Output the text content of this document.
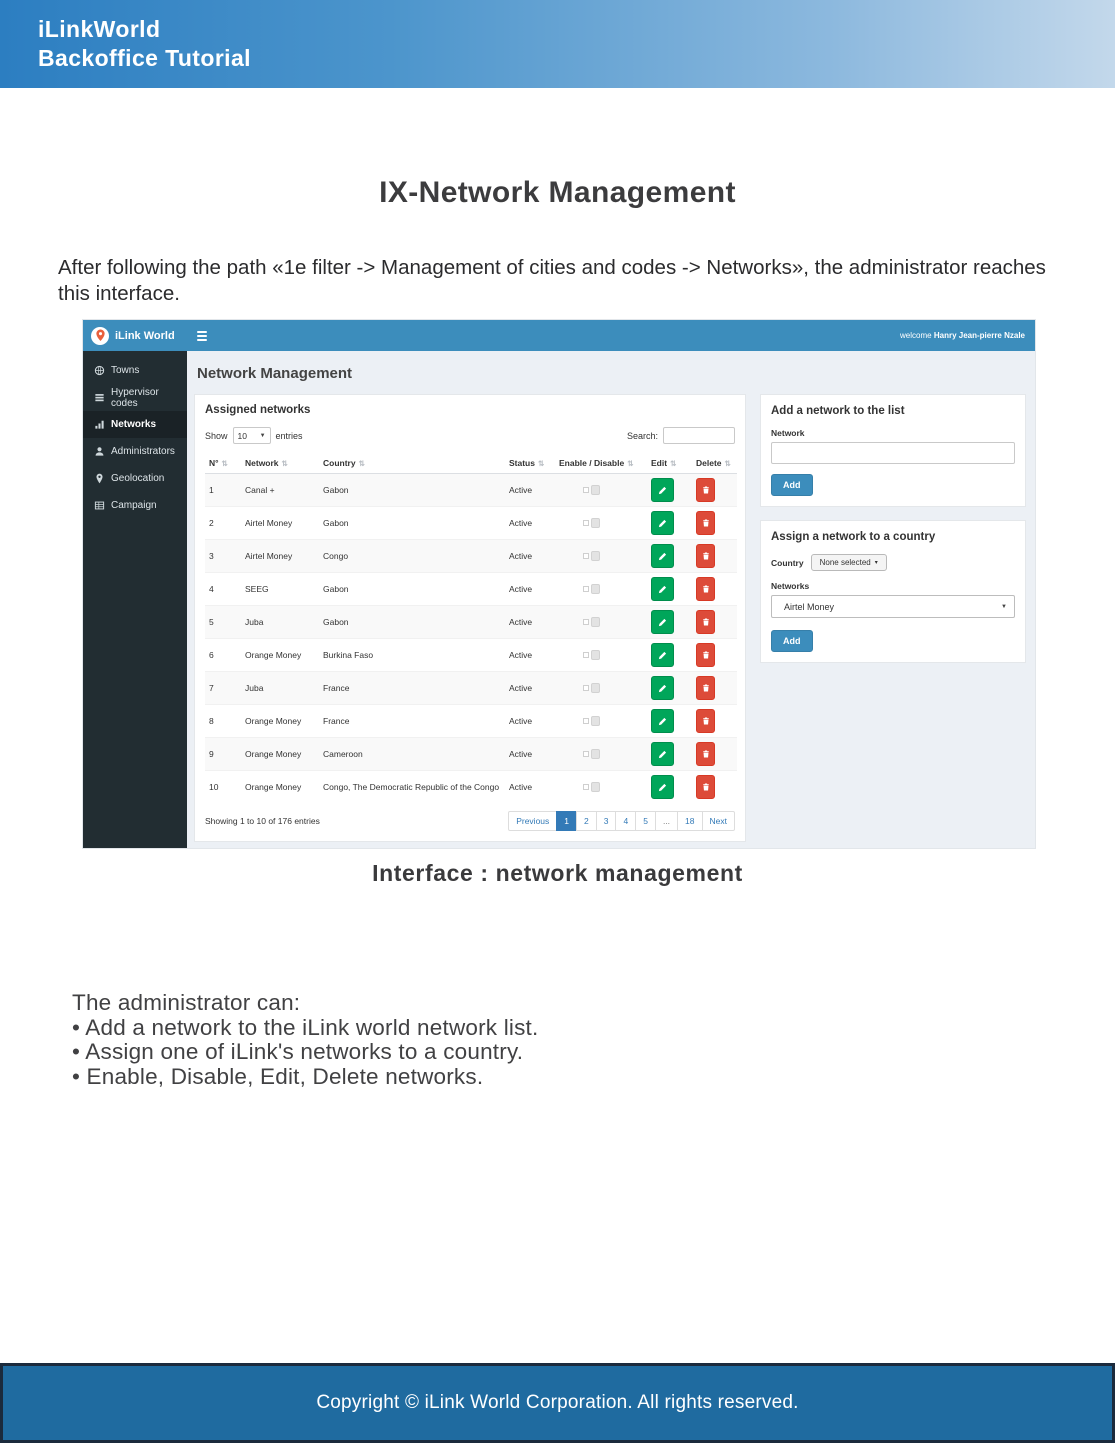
iLinkWorld
Backoffice Tutorial
IX-Network Management
After following the path «1e filter -> Management of cities and codes -> Networks», the administrator reaches this interface.
iLink World	welcome Hanry Jean-pierre Nzale
Towns
Hypervisor codes
Networks
Administrators
Geolocation
Campaign
Network Management
Assigned networks
Show 10 ▼ entries	Search:
N° ⇅	Network ⇅	Country ⇅	Status ⇅	Enable / Disable ⇅	Edit ⇅	Delete ⇅
1	Canal +	Gabon	Active	

2	Airtel Money	Gabon	Active	

3	Airtel Money	Congo	Active	

4	SEEG	Gabon	Active	

5	Juba	Gabon	Active	

6	Orange Money	Burkina Faso	Active	

7	Juba	France	Active	

8	Orange Money	France	Active	

9	Orange Money	Cameroon	Active	

10	Orange Money	Congo, The Democratic Republic of the Congo	Active	

Showing 1 to 10 of 176 entries	Previous	1	2	3	4	5	...	18	Next
Add a network to the list
Network
Add
Assign a network to a country
Country None selected ▾
Networks
Airtel Money	▼
Add
Interface : network management
The administrator can:
• Add a network to the iLink world network list.
• Assign one of iLink's networks to a country.
• Enable, Disable, Edit, Delete networks.
Copyright © iLink World Corporation. All rights reserved.
